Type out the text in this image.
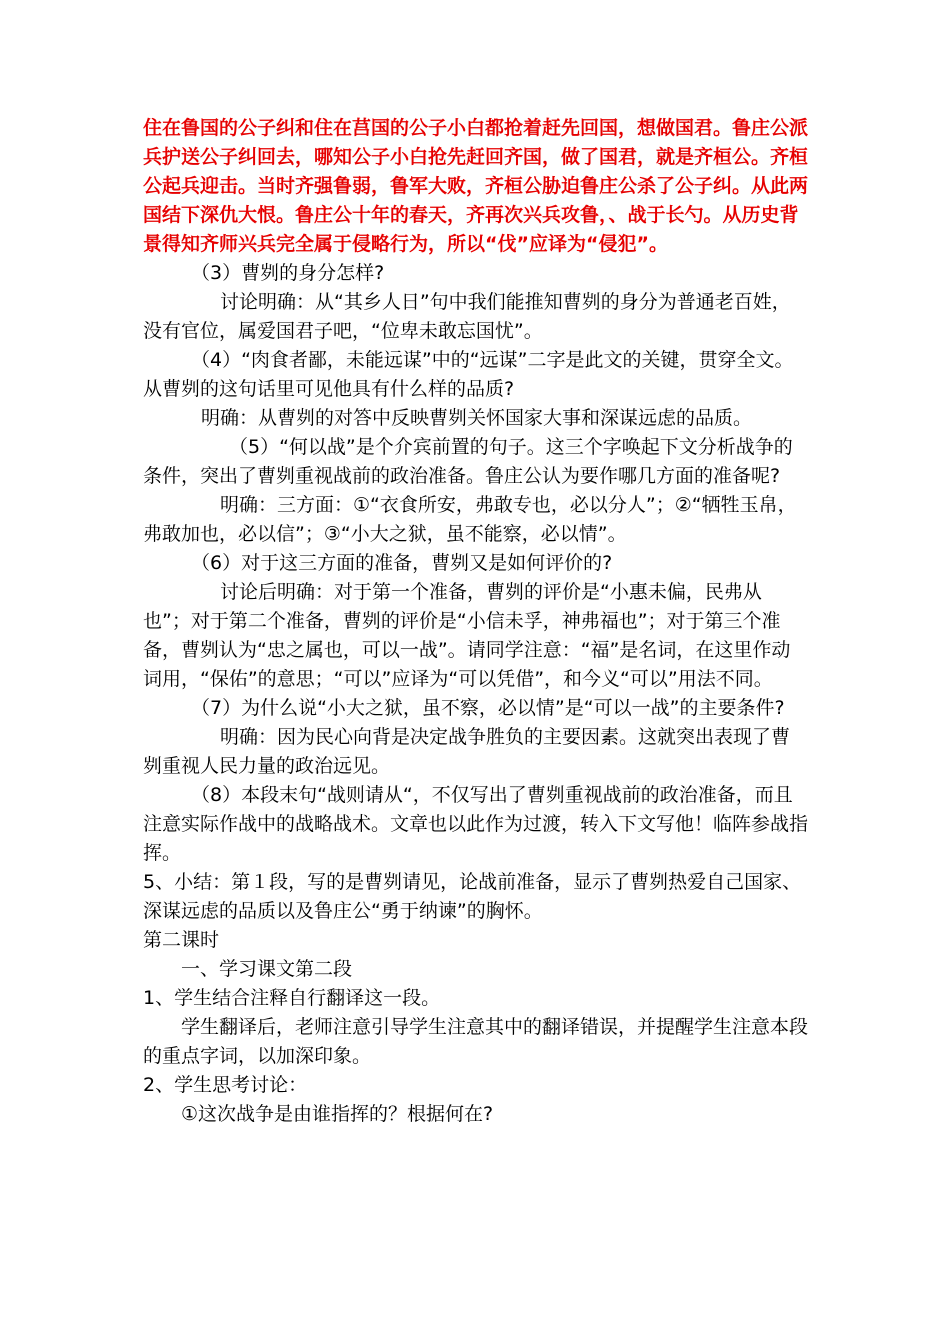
住在鲁国的公子纠和住在莒国的公子小白都抢着赶先回国，想做国君。鲁庄公派兵护送公子纠回去，哪知公子小白抢先赶回齐国，做了国君，就是齐桓公。齐桓公起兵迎击。当时齐强鲁弱，鲁军大败，齐桓公胁迫鲁庄公杀了公子纠。从此两国结下深仇大恨。鲁庄公十年的春天，齐再次兴兵攻鲁，、战于长勺。从历史背景得知齐师兴兵完全属于侵略行为，所以“伐”应译为“侵犯”。

（3）曹刿的身分怎样?

讨论明确：从“其乡人日”句中我们能推知曹刿的身分为普通老百姓，没有官位，属爱国君子吧，“位卑未敢忘国忧”。

（4）“肉食者鄙，未能远谋”中的“远谋”二字是此文的关键，贯穿全文。从曹刿的这句话里可见他具有什么样的品质?

明确：从曹刿的对答中反映曹刿关怀国家大事和深谋远虑的品质。

（5）“何以战”是个介宾前置的句子。这三个字唤起下文分析战争的条件，突出了曹刿重视战前的政治准备。鲁庄公认为要作哪几方面的准备呢?

明确：三方面：①“衣食所安，弗敢专也，必以分人”；②“牺牲玉帛，弗敢加也，必以信”；③“小大之狱，虽不能察，必以情”。

（6）对于这三方面的准备，曹刿又是如何评价的?

讨论后明确：对于第一个准备，曹刿的评价是“小惠未偏，民弗从也”；对于第二个准备，曹刿的评价是“小信未孚，神弗福也”；对于第三个准备，曹刿认为“忠之属也，可以一战”。请同学注意：“福”是名词，在这里作动词用，“保佑”的意思；“可以”应译为“可以凭借”，和今义“可以”用法不同。

（7）为什么说“小大之狱，虽不察，必以情”是“可以一战”的主要条件?

明确：因为民心向背是决定战争胜负的主要因素。这就突出表现了曹刿重视人民力量的政治远见。

（8）本段末句“战则请从“，不仅写出了曹刿重视战前的政治准备，而且注意实际作战中的战略战术。文章也以此作为过渡，转入下文写他！临阵参战指挥。

5、小结：第１段，写的是曹刿请见，论战前准备，显示了曹刿热爱自己国家、深谋远虑的品质以及鲁庄公“勇于纳谏”的胸怀。

第二课时

一、学习课文第二段

1、学生结合注释自行翻译这一段。

学生翻译后，老师注意引导学生注意其中的翻译错误，并提醒学生注意本段的重点字词，以加深印象。

2、学生思考讨论：

①这次战争是由谁指挥的？根据何在?
